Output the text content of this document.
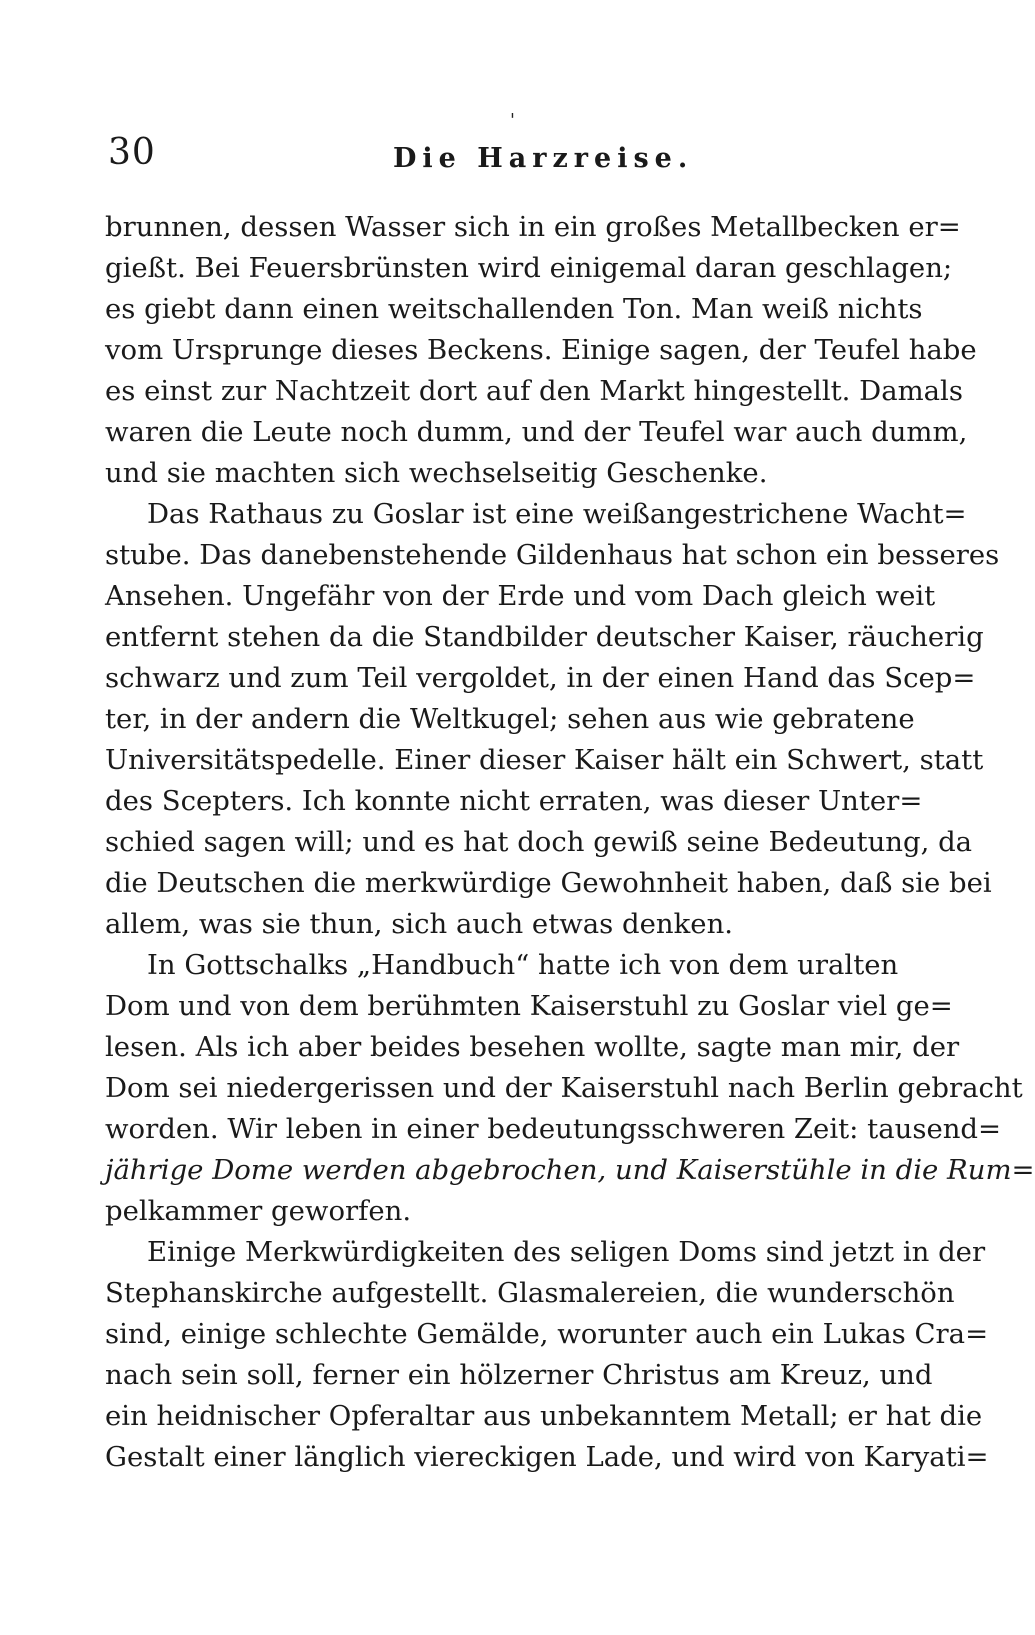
'
30	Die Harzreise.
brunnen, dessen Wasser sich in ein großes Metallbecken er=
gießt. Bei Feuersbrünsten wird einigemal daran geschlagen;
es giebt dann einen weitschallenden Ton. Man weiß nichts
vom Ursprunge dieses Beckens. Einige sagen, der Teufel habe
es einst zur Nachtzeit dort auf den Markt hingestellt. Damals
waren die Leute noch dumm, und der Teufel war auch dumm,
und sie machten sich wechselseitig Geschenke.
Das Rathaus zu Goslar ist eine weißangestrichene Wacht=
stube. Das danebenstehende Gildenhaus hat schon ein besseres
Ansehen. Ungefähr von der Erde und vom Dach gleich weit
entfernt stehen da die Standbilder deutscher Kaiser, räucherig
schwarz und zum Teil vergoldet, in der einen Hand das Scep=
ter, in der andern die Weltkugel; sehen aus wie gebratene
Universitätspedelle. Einer dieser Kaiser hält ein Schwert, statt
des Scepters. Ich konnte nicht erraten, was dieser Unter=
schied sagen will; und es hat doch gewiß seine Bedeutung, da
die Deutschen die merkwürdige Gewohnheit haben, daß sie bei
allem, was sie thun, sich auch etwas denken.
In Gottschalks „Handbuch“ hatte ich von dem uralten
Dom und von dem berühmten Kaiserstuhl zu Goslar viel ge=
lesen. Als ich aber beides besehen wollte, sagte man mir, der
Dom sei niedergerissen und der Kaiserstuhl nach Berlin gebracht
worden. Wir leben in einer bedeutungsschweren Zeit: tausend=
jährige Dome werden abgebrochen, und Kaiserstühle in die Rum=
pelkammer geworfen.
Einige Merkwürdigkeiten des seligen Doms sind jetzt in der
Stephanskirche aufgestellt. Glasmalereien, die wunderschön
sind, einige schlechte Gemälde, worunter auch ein Lukas Cra=
nach sein soll, ferner ein hölzerner Christus am Kreuz, und
ein heidnischer Opferaltar aus unbekanntem Metall; er hat die
Gestalt einer länglich viereckigen Lade, und wird von Karyati=
